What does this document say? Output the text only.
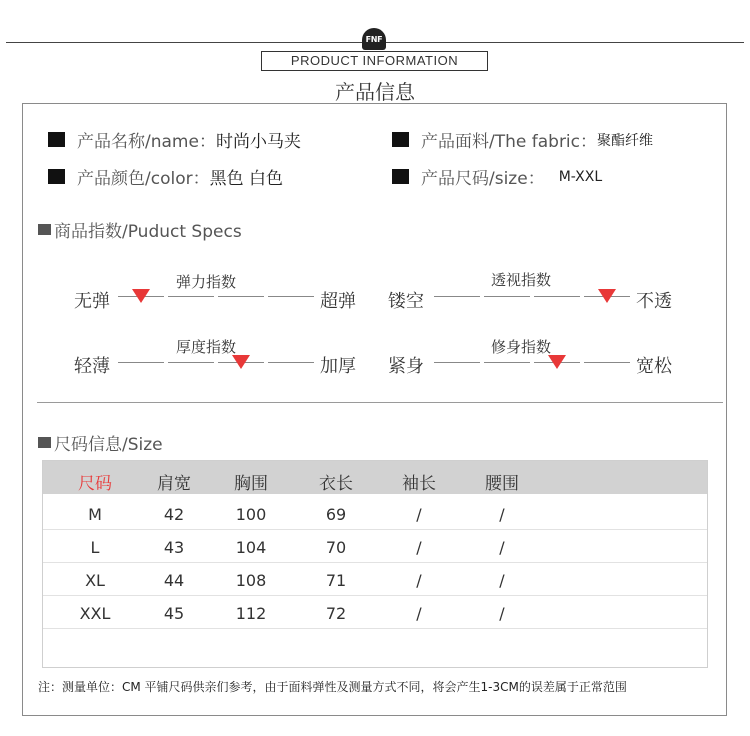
FNF
PRODUCT INFORMATION
产品信息
产品名称/name： 时尚小马夹	产品面料/The fabric： 聚酯纤维
产品颜色/color： 黑色 白色	产品尺码/size： M-XXL
商品指数/Puduct Specs
无弹
弹力指数
超弹 镂空
透视指数
不透
轻薄
厚度指数
加厚 紧身
修身指数
宽松
尺码信息/Size
尺码	肩宽	胸围	衣长	袖长	腰围
M	42	100	69	/	/
L	43	104	70	/	/
XL	44	108	71	/	/
XXL	45	112	72	/	/
注：测量单位：CM 平铺尺码供亲们参考，由于面料弹性及测量方式不同，将会产生1-3CM的误差属于正常范围
